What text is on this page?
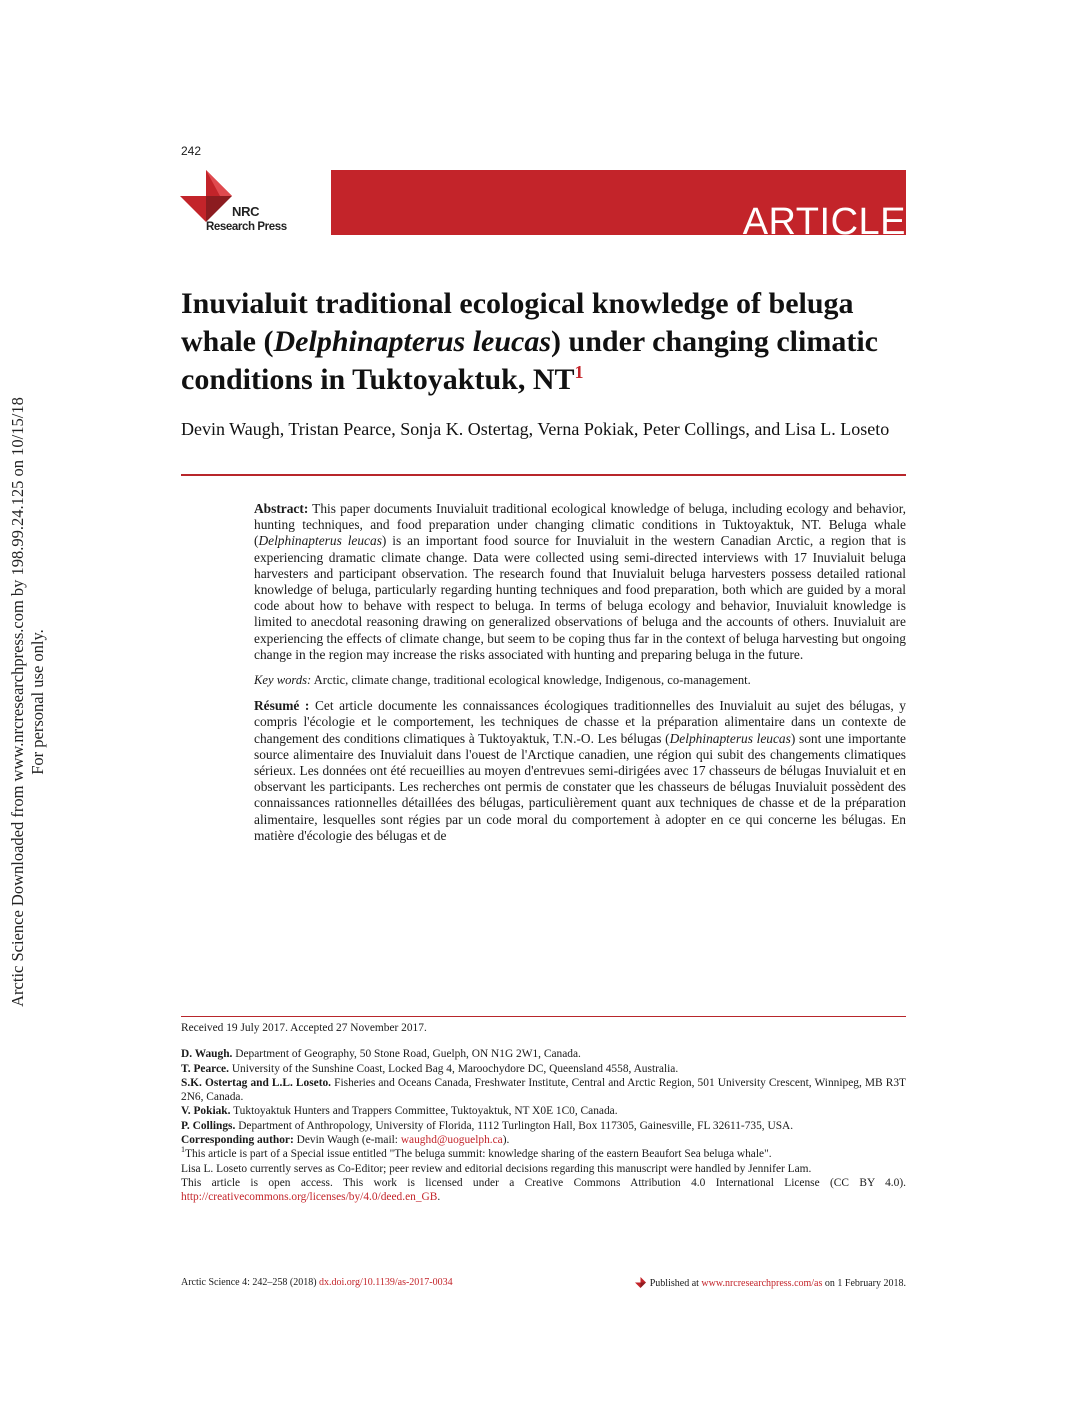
Arctic Science Downloaded from www.nrcresearchpress.com by 198.99.24.125 on 10/15/18 For personal use only.
242
NRC
Research Press	ARTICLE
Inuvialuit traditional ecological knowledge of beluga whale (Delphinapterus leucas) under changing climatic conditions in Tuktoyaktuk, $NT^1$
Devin Waugh, Tristan Pearce, Sonja K. Ostertag, Verna Pokiak, Peter Collings, and Lisa L. Loseto

Abstract: This paper documents Inuvialuit traditional ecological knowledge of beluga, including ecology and behavior, hunting techniques, and food preparation under changing climatic conditions in Tuktoyaktuk, NT. Beluga whale (Delphinapterus leucas) is an important food source for Inuvialuit in the western Canadian Arctic, a region that is experiencing dramatic climate change. Data were collected using semi-directed interviews with 17 Inuvialuit beluga harvesters and participant observation. The research found that Inuvialuit beluga harvesters possess detailed rational knowledge of beluga, particularly regarding hunting techniques and food preparation, both which are guided by a moral code about how to behave with respect to beluga. In terms of beluga ecology and behavior, Inuvialuit knowledge is limited to anecdotal reasoning drawing on generalized observations of beluga and the accounts of others. Inuvialuit are experiencing the effects of climate change, but seem to be coping thus far in the context of beluga harvesting but ongoing change in the region may increase the risks associated with hunting and preparing beluga in the future.

Key words: Arctic, climate change, traditional ecological knowledge, Indigenous, co-management.

Résumé : Cet article documente les connaissances écologiques traditionnelles des Inuvialuit au sujet des bélugas, y compris l'écologie et le comportement, les techniques de chasse et la préparation alimentaire dans un contexte de changement des conditions climatiques à Tuktoyaktuk, T.N.-O. Les bélugas (Delphinapterus leucas) sont une importante source alimentaire des Inuvialuit dans l'ouest de l'Arctique canadien, une région qui subit des changements climatiques sérieux. Les données ont été recueillies au moyen d'entrevues semi-dirigées avec 17 chasseurs de bélugas Inuvialuit et en observant les participants. Les recherches ont permis de constater que les chasseurs de bélugas Inuvialuit possèdent des connaissances rationnelles détaillées des bélugas, particulièrement quant aux techniques de chasse et de la préparation alimentaire, lesquelles sont régies par un code moral du comportement à adopter en ce qui concerne les bélugas. En matière d'écologie des bélugas et de

Received 19 July 2017. Accepted 27 November 2017.

D. Waugh. Department of Geography, 50 Stone Road, Guelph, ON N1G 2W1, Canada.

T. Pearce. University of the Sunshine Coast, Locked Bag 4, Maroochydore DC, Queensland 4558, Australia.

S.K. Ostertag and L.L. Loseto. Fisheries and Oceans Canada, Freshwater Institute, Central and Arctic Region, 501 University Crescent, Winnipeg, MB R3T 2N6, Canada.

V. Pokiak. Tuktoyaktuk Hunters and Trappers Committee, Tuktoyaktuk, NT X0E 1C0, Canada.

P. Collings. Department of Anthropology, University of Florida, 1112 Turlington Hall, Box 117305, Gainesville, FL 32611-735, USA.

Corresponding author: Devin Waugh (e-mail: waughd@uoguelph.ca).

$^1$This article is part of a Special issue entitled "The beluga summit: knowledge sharing of the eastern Beaufort Sea beluga whale".

Lisa L. Loseto currently serves as Co-Editor; peer review and editorial decisions regarding this manuscript were handled by Jennifer Lam.

This article is open access. This work is licensed under a Creative Commons Attribution 4.0 International License (CC BY 4.0). http://creativecommons.org/licenses/by/4.0/deed.en_GB.

Arctic Science 4: 242–258 (2018) dx.doi.org/10.1139/as-2017-0034	Published at www.nrcresearchpress.com/as on 1 February 2018.
